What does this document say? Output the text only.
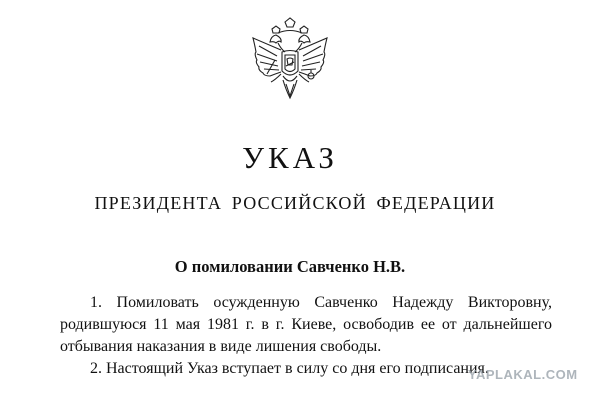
УКАЗ
ПРЕЗИДЕНТА РОССИЙСКОЙ ФЕДЕРАЦИИ
О помиловании Савченко Н.В.

1. Помиловать осужденную Савченко Надежду Викторовну, родившуюся 11 мая 1981 г. в г. Киеве, освободив ее от дальнейшего отбывания наказания в виде лишения свободы.

2. Настоящий Указ вступает в силу со дня его подписания.

YAPLAKAL.COM
